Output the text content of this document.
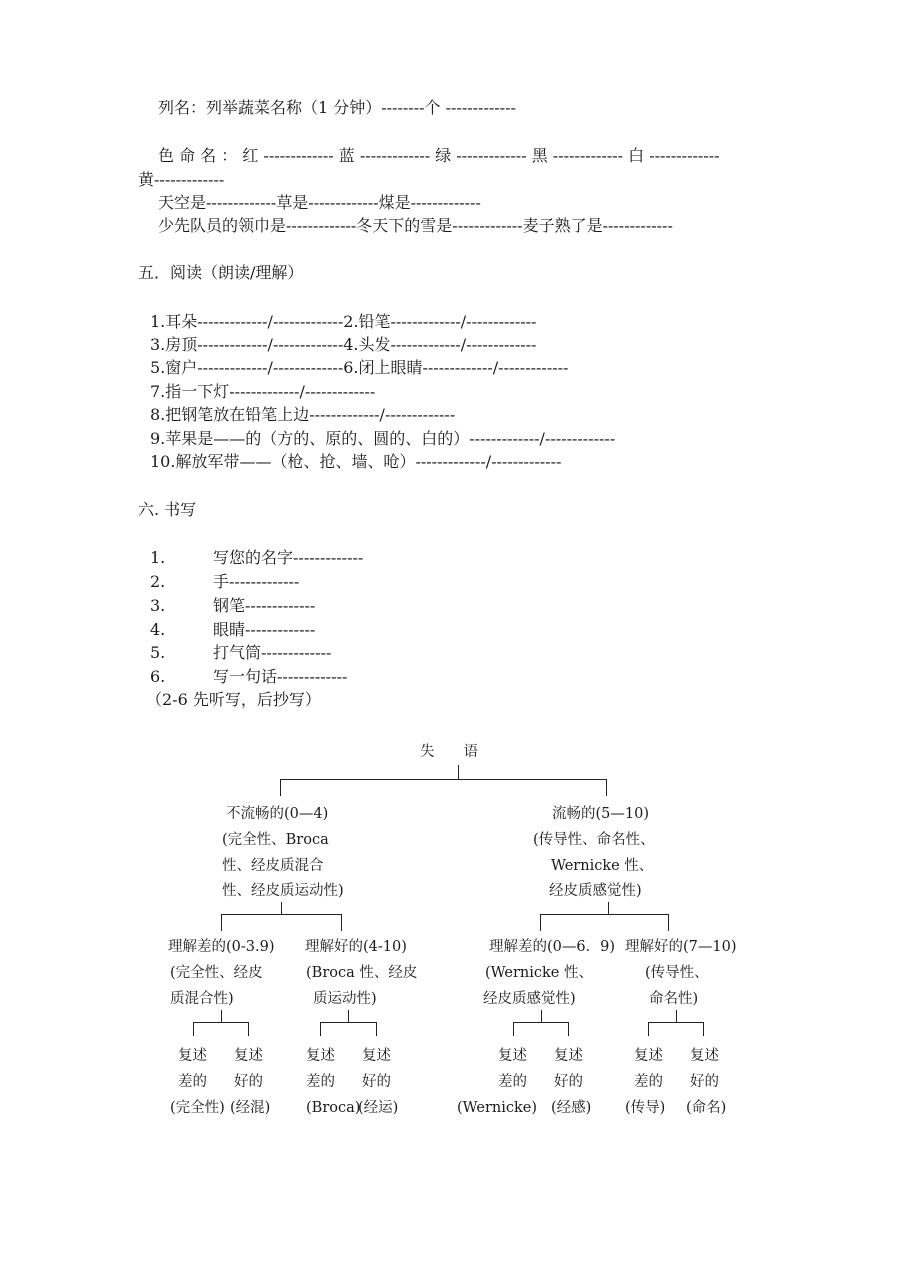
列名：列举蔬菜名称（1 分钟）--------个 -------------
色 命 名 ： 红 ------------- 蓝 ------------- 绿 ------------- 黑 ------------- 白 -------------
黄-------------
天空是-------------草是-------------煤是-------------
少先队员的领巾是-------------冬天下的雪是-------------麦子熟了是-------------
五．阅读（朗读/理解）
1.耳朵-------------/-------------2.铅笔-------------/-------------
3.房顶-------------/-------------4.头发-------------/-------------
5.窗户-------------/-------------6.闭上眼睛-------------/-------------
7.指一下灯-------------/-------------
8.把钢笔放在铅笔上边-------------/-------------
9.苹果是——的（方的、原的、圆的、白的）-------------/-------------
10.解放军带——（枪、抢、墙、呛）-------------/-------------
六. 书写
1.	写您的名字-------------
2.	手-------------
3.	钢笔-------------
4.	眼睛-------------
5.	打气筒-------------
6.	写一句话-------------
（2-6 先听写，后抄写）
失　　语
不流畅的(0—4)
(完全性、Broca
性、经皮质混合
性、经皮质运动性)
流畅的(5—10)
(传导性、命名性、
Wernicke 性、
经皮质感觉性)
理解差的(0-3.9)
(完全性、经皮
质混合性)
理解好的(4-10)
(Broca 性、经皮
质运动性)
理解差的(0—6．9)
(Wernicke 性、
经皮质感觉性)
理解好的(7—10)
(传导性、
命名性)
复述
差的
(完全性)
复述
好的
(经混)
复述
差的
(Broca)
复述
好的
(经运)
复述
差的
(Wernicke)
复述
好的
(经感)
复述
差的
(传导)
复述
好的
(命名)
